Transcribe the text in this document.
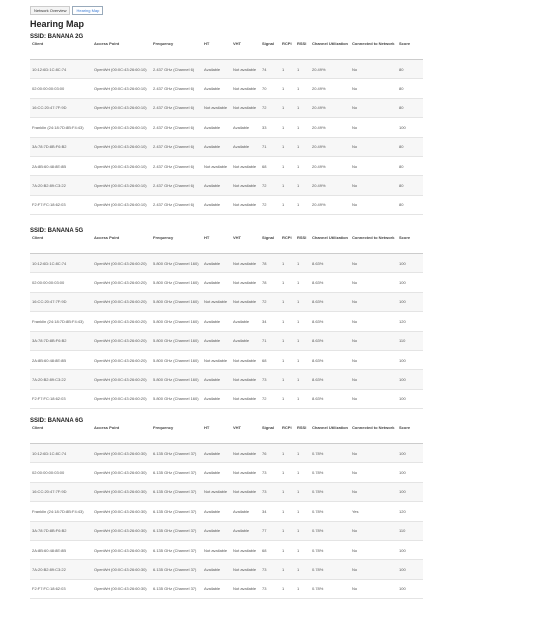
Network Overview	Hearing Map
Hearing Map
SSID: BANANA 2G
Client	Access Point	Frequency	HT	VHT	Signal	RCPI	RSSI	Channel Utilization	Connected to Network	Score
10:12:6D:1C:8C:74	OpenWrt (00:0C:43:26:60:10)	2.437 GHz (Channel 6)	Available	Not available	74	1	1	20.49%	No	80
02:00:00:00:03:00	OpenWrt (00:0C:43:26:60:10)	2.437 GHz (Channel 6)	Available	Not available	70	1	1	20.49%	No	80
16:CC:20:47:7F:9D	OpenWrt (00:0C:43:26:60:10)	2.437 GHz (Channel 6)	Not available	Not available	72	1	1	20.49%	No	80
Franklin (24:18:7D:8B:F4:43)	OpenWrt (00:0C:43:26:60:10)	2.437 GHz (Channel 6)	Available	Available	33	1	1	20.49%	No	100
3A:78:7D:8B:F6:B2	OpenWrt (00:0C:43:26:60:10)	2.437 GHz (Channel 6)	Available	Available	71	1	1	20.49%	No	80
2A:8B:60:48:8E:8B	OpenWrt (00:0C:43:26:60:10)	2.437 GHz (Channel 6)	Not available	Not available	68	1	1	20.49%	No	80
7A:20:B2:89:C3:22	OpenWrt (00:0C:43:26:60:10)	2.437 GHz (Channel 6)	Available	Not available	72	1	1	20.49%	No	80
F2:F7:FC:18:62:03	OpenWrt (00:0C:43:26:60:10)	2.437 GHz (Channel 6)	Available	Not available	72	1	1	20.49%	No	80
SSID: BANANA 5G
Client	Access Point	Frequency	HT	VHT	Signal	RCPI	RSSI	Channel Utilization	Connected to Network	Score
10:12:6D:1C:8C:74	OpenWrt (00:0C:43:26:60:20)	5.800 GHz (Channel 160)	Available	Not available	78	1	1	8.63%	No	100
02:00:00:00:03:00	OpenWrt (00:0C:43:26:60:20)	5.800 GHz (Channel 160)	Available	Not available	78	1	1	8.63%	No	100
16:CC:20:47:7F:9D	OpenWrt (00:0C:43:26:60:20)	5.800 GHz (Channel 160)	Not available	Not available	72	1	1	8.63%	No	100
Franklin (24:18:7D:8B:F4:43)	OpenWrt (00:0C:43:26:60:20)	5.800 GHz (Channel 160)	Available	Available	34	1	1	8.63%	No	120
3A:78:7D:8B:F6:B2	OpenWrt (00:0C:43:26:60:20)	5.800 GHz (Channel 160)	Available	Available	71	1	1	8.63%	No	110
2A:8B:60:48:8E:8B	OpenWrt (00:0C:43:26:60:20)	5.800 GHz (Channel 160)	Not available	Not available	68	1	1	8.63%	No	100
7A:20:B2:89:C3:22	OpenWrt (00:0C:43:26:60:20)	5.800 GHz (Channel 160)	Available	Not available	73	1	1	8.63%	No	100
F2:F7:FC:18:62:03	OpenWrt (00:0C:43:26:60:20)	5.800 GHz (Channel 160)	Available	Not available	72	1	1	8.63%	No	100
SSID: BANANA 6G
Client	Access Point	Frequency	HT	VHT	Signal	RCPI	RSSI	Channel Utilization	Connected to Network	Score
10:12:6D:1C:8C:74	OpenWrt (00:0C:43:26:60:30)	6.135 GHz (Channel 37)	Available	Not available	76	1	1	0.78%	No	100
02:00:00:00:03:00	OpenWrt (00:0C:43:26:60:30)	6.135 GHz (Channel 37)	Available	Not available	73	1	1	0.78%	No	100
16:CC:20:47:7F:9D	OpenWrt (00:0C:43:26:60:30)	6.135 GHz (Channel 37)	Not available	Not available	73	1	1	0.78%	No	100
Franklin (24:18:7D:8B:F4:43)	OpenWrt (00:0C:43:26:60:30)	6.135 GHz (Channel 37)	Available	Available	34	1	1	0.78%	Yes	120
3A:78:7D:8B:F6:B2	OpenWrt (00:0C:43:26:60:30)	6.135 GHz (Channel 37)	Available	Available	77	1	1	0.78%	No	110
2A:8B:60:48:8E:8B	OpenWrt (00:0C:43:26:60:30)	6.135 GHz (Channel 37)	Not available	Not available	68	1	1	0.78%	No	100
7A:20:B2:89:C3:22	OpenWrt (00:0C:43:26:60:30)	6.135 GHz (Channel 37)	Available	Not available	73	1	1	0.78%	No	100
F2:F7:FC:18:62:03	OpenWrt (00:0C:43:26:60:30)	6.135 GHz (Channel 37)	Available	Not available	73	1	1	0.78%	No	100
